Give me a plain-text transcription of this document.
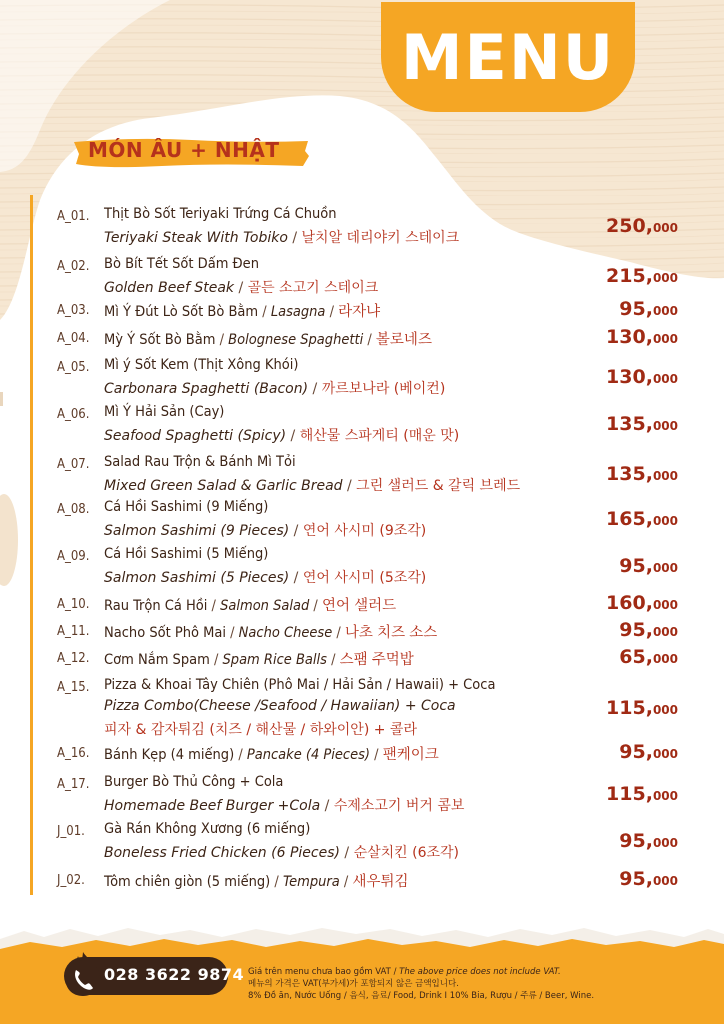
MENU
MÓN ÂU + NHẬT
A_01. Thịt Bò Sốt Teriyaki Trứng Cá Chuồn
Teriyaki Steak With Tobiko / 날치알 데리야키 스테이크
250,000
A_02. Bò Bít Tết Sốt Dấm Đen
Golden Beef Steak / 골든 소고기 스테이크
215,000
A_03. Mì Ý Đút Lò Sốt Bò Bằm / Lasagna / 라자냐	95,000
A_04. Mỳ Ý Sốt Bò Bằm / Bolognese Spaghetti / 볼로네즈	130,000
A_05. Mì ý Sốt Kem (Thịt Xông Khói)
Carbonara Spaghetti (Bacon) / 까르보나라 (베이컨)
130,000
A_06. Mì Ý Hải Sản (Cay)
Seafood Spaghetti (Spicy) / 해산물 스파게티 (매운 맛)
135,000
A_07. Salad Rau Trộn & Bánh Mì Tỏi
Mixed Green Salad & Garlic Bread / 그린 샐러드 & 갈릭 브레드
135,000
A_08. Cá Hồi Sashimi (9 Miếng)
Salmon Sashimi (9 Pieces) / 연어 사시미 (9조각)
165,000
A_09. Cá Hồi Sashimi (5 Miếng)
Salmon Sashimi (5 Pieces) / 연어 사시미 (5조각)
95,000
A_10. Rau Trộn Cá Hồi / Salmon Salad / 연어 샐러드	160,000
A_11. Nacho Sốt Phô Mai / Nacho Cheese / 나초 치즈 소스	95,000
A_12. Cơm Nắm Spam / Spam Rice Balls / 스팸 주먹밥	65,000
A_15. Pizza & Khoai Tây Chiên (Phô Mai / Hải Sản / Hawaii) + Coca
Pizza Combo(Cheese /Seafood / Hawaiian) + Coca
피자 & 감자튀김 (치즈 / 해산물 / 하와이안) + 콜라
115,000
A_16. Bánh Kẹp (4 miếng) / Pancake (4 Pieces) / 팬케이크	95,000
A_17. Burger Bò Thủ Công + Cola
Homemade Beef Burger +Cola / 수제소고기 버거 콤보
115,000
J_01. Gà Rán Không Xương (6 miếng)
Boneless Fried Chicken (6 Pieces) / 순살치킨 (6조각)
95,000
J_02. Tôm chiên giòn (5 miếng) / Tempura / 새우튀김	95,000
028 3622 9874 Giá trên menu chưa bao gồm VAT / The above price does not include VAT.
메뉴의 가격은 VAT(부가세)가 포함되지 않은 금액입니다.
8% Đồ ăn, Nước Uống / 음식, 음료/ Food, Drink I 10% Bia, Rượu / 주류 / Beer, Wine.
